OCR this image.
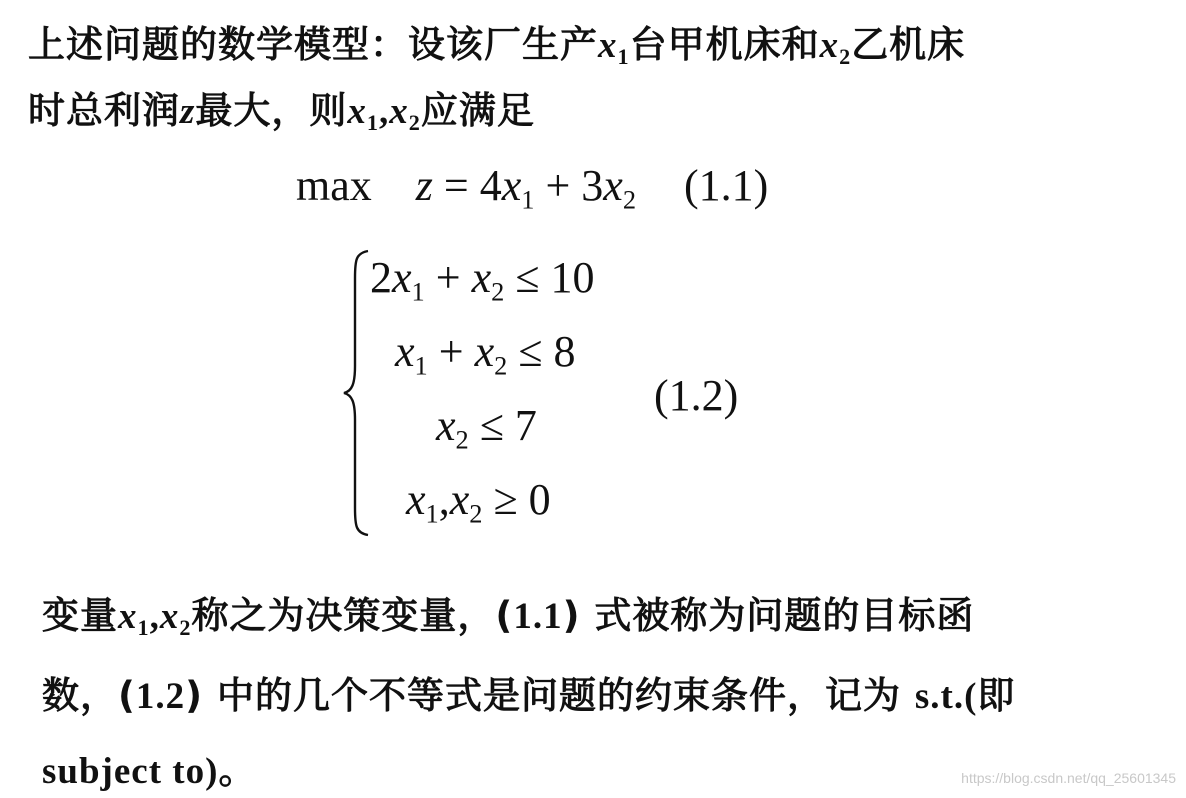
上述问题的数学模型：设该厂生产$x_1$台甲机床和$x_2$乙机床
时总利润z最大，则$x_1,x_2$应满足
$\max z = 4x_1 + 3x_2$ (1.1)
$2x_1 + x_2 \le 10$
$x_1 + x_2 \le 8$
$x_2 \le 7$
$x_1,x_2 \ge 0$
(1.2)
变量$x_1,x_2$称之为决策变量，(1.1) 式被称为问题的目标函
数，(1.2) 中的几个不等式是问题的约束条件，记为 s.t.(即
subject to)。	https://blog.csdn.net/qq_25601345
